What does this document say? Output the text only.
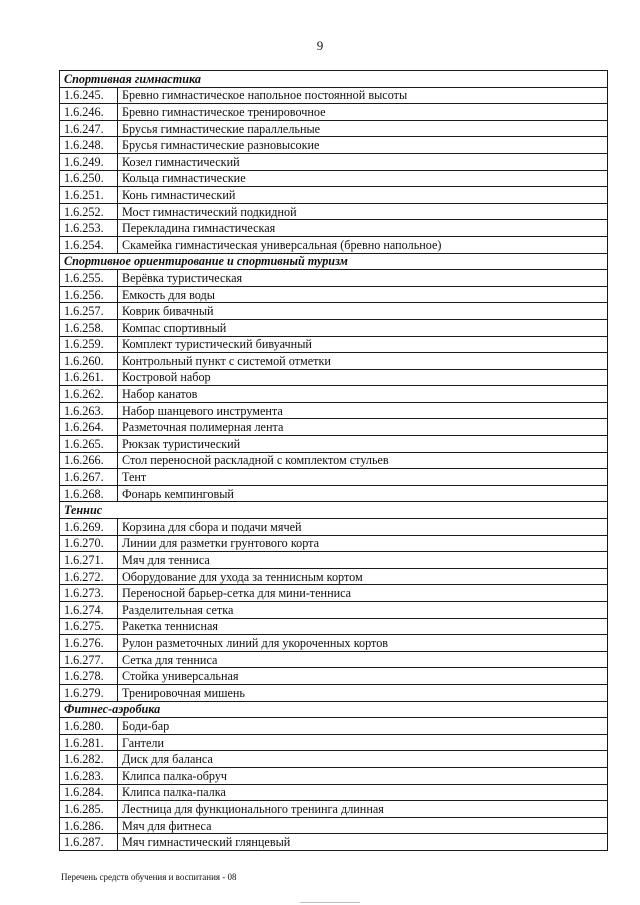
9
Спортивная гимнастика	
1.6.245.	Бревно гимнастическое напольное постоянной высоты
1.6.246.	Бревно гимнастическое тренировочное
1.6.247.	Брусья гимнастические параллельные
1.6.248.	Брусья гимнастические разновысокие
1.6.249.	Козел гимнастический
1.6.250.	Кольца гимнастические
1.6.251.	Конь гимнастический
1.6.252.	Мост гимнастический подкидной
1.6.253.	Перекладина гимнастическая
1.6.254.	Скамейка гимнастическая универсальная (бревно напольное)
Спортивное ориентирование и спортивный туризм	
1.6.255.	Верёвка туристическая
1.6.256.	Емкость для воды
1.6.257.	Коврик бивачный
1.6.258.	Компас спортивный
1.6.259.	Комплект туристический бивуачный
1.6.260.	Контрольный пункт с системой отметки
1.6.261.	Костровой набор
1.6.262.	Набор канатов
1.6.263.	Набор шанцевого инструмента
1.6.264.	Разметочная полимерная лента
1.6.265.	Рюкзак туристический
1.6.266.	Стол переносной раскладной с комплектом стульев
1.6.267.	Тент
1.6.268.	Фонарь кемпинговый
Теннис	
1.6.269.	Корзина для сбора и подачи мячей
1.6.270.	Линии для разметки грунтового корта
1.6.271.	Мяч для тенниса
1.6.272.	Оборудование для ухода за теннисным кортом
1.6.273.	Переносной барьер-сетка для мини-тенниса
1.6.274.	Разделительная сетка
1.6.275.	Ракетка теннисная
1.6.276.	Рулон разметочных линий для укороченных кортов
1.6.277.	Сетка для тенниса
1.6.278.	Стойка универсальная
1.6.279.	Тренировочная мишень
Фитнес-аэробика	
1.6.280.	Боди-бар
1.6.281.	Гантели
1.6.282.	Диск для баланса
1.6.283.	Клипса палка-обруч
1.6.284.	Клипса палка-палка
1.6.285.	Лестница для функционального тренинга длинная
1.6.286.	Мяч для фитнеса
1.6.287.	Мяч гимнастический глянцевый
Перечень средств обучения и воспитания - 08
